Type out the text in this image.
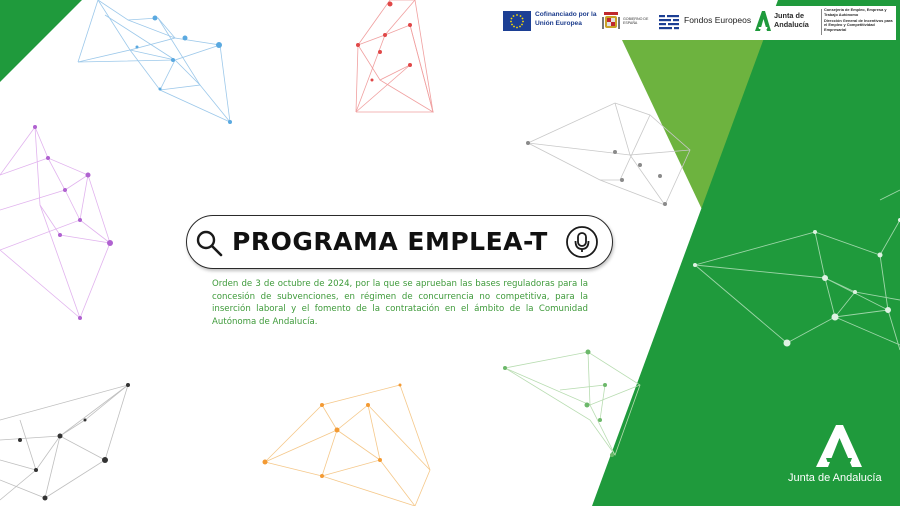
Cofinanciado por la Unión Europea
GOBIERNO DE ESPAÑA	Fondos Europeos	Junta de Andalucía
Consejería de Empleo, Empresa y Trabajo Autónomo
Dirección General de Incentivos para el Empleo y Competitividad Empresarial
PROGRAMA EMPLEA-T
Orden de 3 de octubre de 2024, por la que se aprueban las bases reguladoras para la concesión de subvenciones, en régimen de concurrencia no competitiva, para la inserción laboral y el fomento de la contratación en el ámbito de la Comunidad Autónoma de Andalucía.
Junta de Andalucía
